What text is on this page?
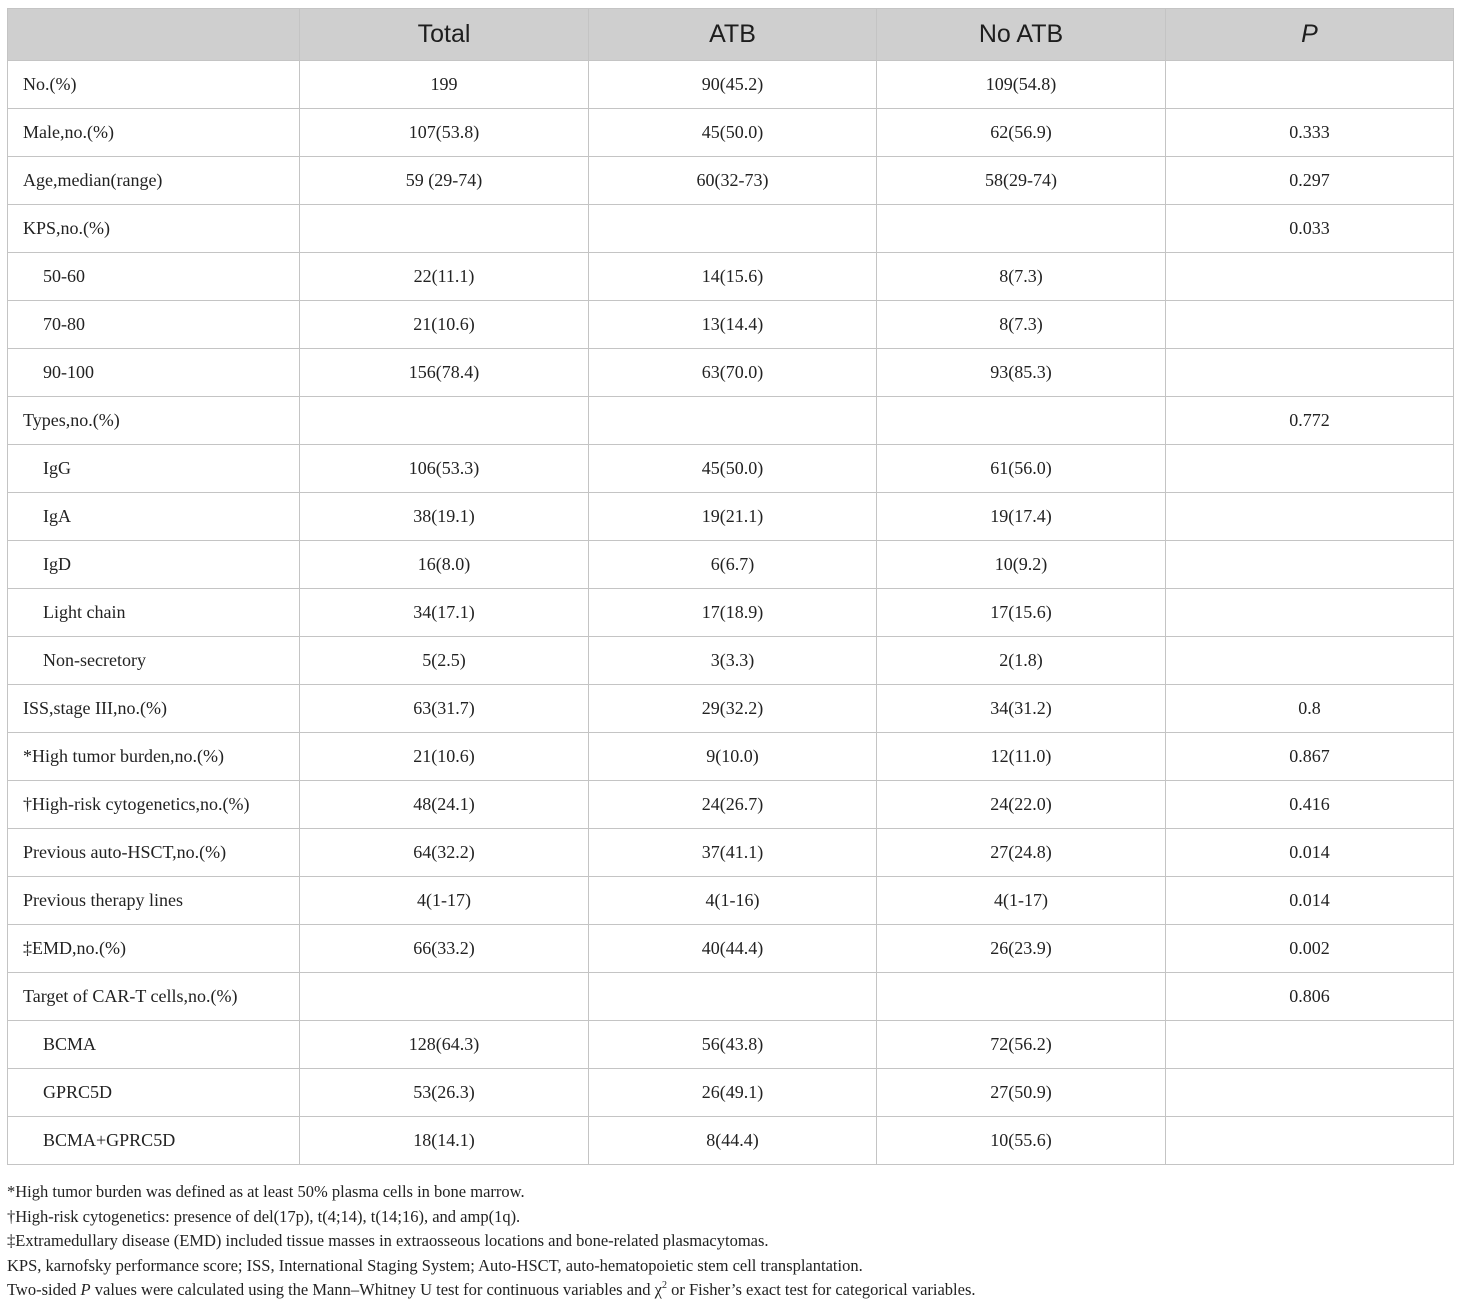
	Total	ATB	No ATB	P
No.(%)	199	90(45.2)	109(54.8)	
Male,no.(%)	107(53.8)	45(50.0)	62(56.9)	0.333
Age,median(range)	59 (29-74)	60(32-73)	58(29-74)	0.297
KPS,no.(%)				0.033
50-60	22(11.1)	14(15.6)	8(7.3)	
70-80	21(10.6)	13(14.4)	8(7.3)	
90-100	156(78.4)	63(70.0)	93(85.3)	
Types,no.(%)				0.772
IgG	106(53.3)	45(50.0)	61(56.0)	
IgA	38(19.1)	19(21.1)	19(17.4)	
IgD	16(8.0)	6(6.7)	10(9.2)	
Light chain	34(17.1)	17(18.9)	17(15.6)	
Non-secretory	5(2.5)	3(3.3)	2(1.8)	
ISS,stage III,no.(%)	63(31.7)	29(32.2)	34(31.2)	0.8
*High tumor burden,no.(%)	21(10.6)	9(10.0)	12(11.0)	0.867
†High-risk cytogenetics,no.(%)	48(24.1)	24(26.7)	24(22.0)	0.416
Previous auto-HSCT,no.(%)	64(32.2)	37(41.1)	27(24.8)	0.014
Previous therapy lines	4(1-17)	4(1-16)	4(1-17)	0.014
‡EMD,no.(%)	66(33.2)	40(44.4)	26(23.9)	0.002
Target of CAR-T cells,no.(%)				0.806
BCMA	128(64.3)	56(43.8)	72(56.2)	
GPRC5D	53(26.3)	26(49.1)	27(50.9)	
BCMA+GPRC5D	18(14.1)	8(44.4)	10(55.6)	

*High tumor burden was defined as at least 50% plasma cells in bone marrow.

†High-risk cytogenetics: presence of del(17p), t(4;14), t(14;16), and amp(1q).

‡Extramedullary disease (EMD) included tissue masses in extraosseous locations and bone-related plasmacytomas.

KPS, karnofsky performance score; ISS, International Staging System; Auto-HSCT, auto-hematopoietic stem cell transplantation.

Two-sided P values were calculated using the Mann–Whitney U test for continuous variables and $\chi^2$ or Fisher’s exact test for categorical variables.
